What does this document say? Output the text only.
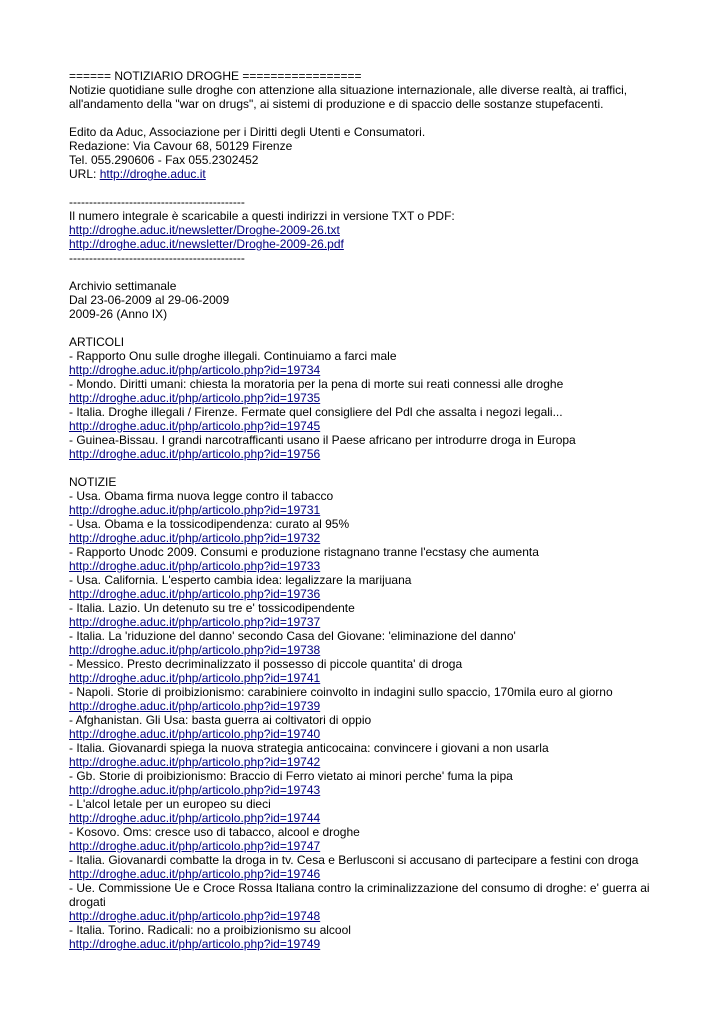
====== NOTIZIARIO DROGHE =================
Notizie quotidiane sulle droghe con attenzione alla situazione internazionale, alle diverse realtà, ai traffici, all'andamento della "war on drugs", ai sistemi di produzione e di spaccio delle sostanze stupefacenti.
Edito da Aduc, Associazione per i Diritti degli Utenti e Consumatori.
Redazione: Via Cavour 68, 50129 Firenze
Tel. 055.290606 - Fax 055.2302452
URL: http://droghe.aduc.it
--------------------------------------------
Il numero integrale è scaricabile a questi indirizzi in versione TXT o PDF:
http://droghe.aduc.it/newsletter/Droghe-2009-26.txt
http://droghe.aduc.it/newsletter/Droghe-2009-26.pdf
--------------------------------------------
Archivio settimanale
Dal 23-06-2009 al 29-06-2009
2009-26 (Anno IX)
ARTICOLI
- Rapporto Onu sulle droghe illegali. Continuiamo a farci male
http://droghe.aduc.it/php/articolo.php?id=19734
- Mondo. Diritti umani: chiesta la moratoria per la pena di morte sui reati connessi alle droghe
http://droghe.aduc.it/php/articolo.php?id=19735
- Italia. Droghe illegali / Firenze. Fermate quel consigliere del Pdl che assalta i negozi legali...
http://droghe.aduc.it/php/articolo.php?id=19745
- Guinea-Bissau. I grandi narcotrafficanti usano il Paese africano per introdurre droga in Europa
http://droghe.aduc.it/php/articolo.php?id=19756
NOTIZIE
- Usa. Obama firma nuova legge contro il tabacco
http://droghe.aduc.it/php/articolo.php?id=19731
- Usa. Obama e la tossicodipendenza: curato al 95%
http://droghe.aduc.it/php/articolo.php?id=19732
- Rapporto Unodc 2009. Consumi e produzione ristagnano tranne l'ecstasy che aumenta
http://droghe.aduc.it/php/articolo.php?id=19733
- Usa. California. L'esperto cambia idea: legalizzare la marijuana
http://droghe.aduc.it/php/articolo.php?id=19736
- Italia. Lazio. Un detenuto su tre e' tossicodipendente
http://droghe.aduc.it/php/articolo.php?id=19737
- Italia. La 'riduzione del danno' secondo Casa del Giovane: 'eliminazione del danno'
http://droghe.aduc.it/php/articolo.php?id=19738
- Messico. Presto decriminalizzato il possesso di piccole quantita' di droga
http://droghe.aduc.it/php/articolo.php?id=19741
- Napoli. Storie di proibizionismo: carabiniere coinvolto in indagini sullo spaccio, 170mila euro al giorno
http://droghe.aduc.it/php/articolo.php?id=19739
- Afghanistan. Gli Usa: basta guerra ai coltivatori di oppio
http://droghe.aduc.it/php/articolo.php?id=19740
- Italia. Giovanardi spiega la nuova strategia anticocaina: convincere i giovani a non usarla
http://droghe.aduc.it/php/articolo.php?id=19742
- Gb. Storie di proibizionismo: Braccio di Ferro vietato ai minori perche' fuma la pipa
http://droghe.aduc.it/php/articolo.php?id=19743
- L'alcol letale per un europeo su dieci
http://droghe.aduc.it/php/articolo.php?id=19744
- Kosovo. Oms: cresce uso di tabacco, alcool e droghe
http://droghe.aduc.it/php/articolo.php?id=19747
- Italia. Giovanardi combatte la droga in tv. Cesa e Berlusconi si accusano di partecipare a festini con droga
http://droghe.aduc.it/php/articolo.php?id=19746
- Ue. Commissione Ue e Croce Rossa Italiana contro la criminalizzazione del consumo di droghe: e' guerra ai drogati
http://droghe.aduc.it/php/articolo.php?id=19748
- Italia. Torino. Radicali: no a proibizionismo su alcool
http://droghe.aduc.it/php/articolo.php?id=19749
